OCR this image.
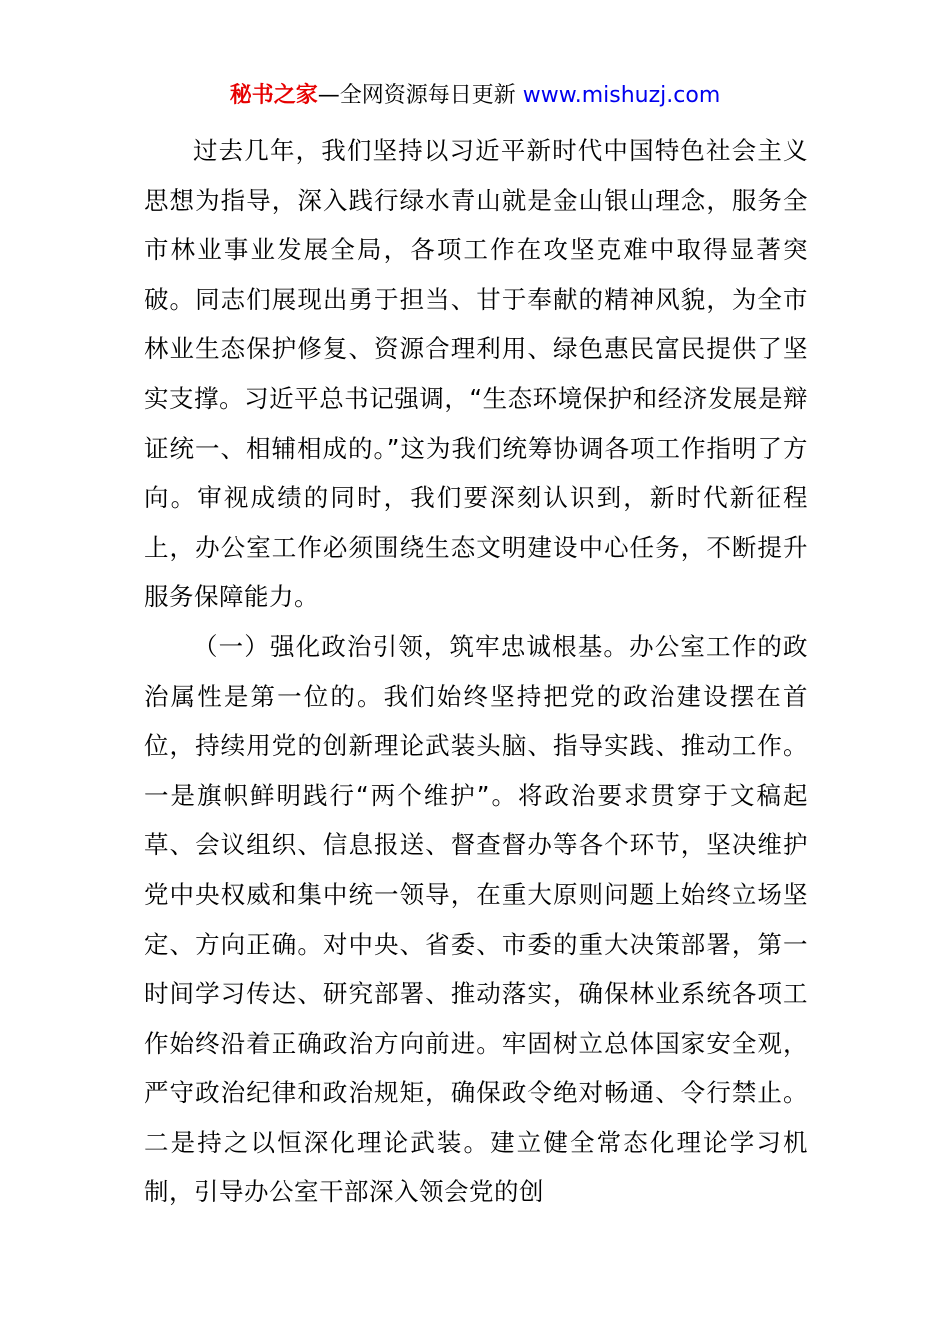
秘书之家—全网资源每日更新 www.mishuzj.com

过去几年，我们坚持以习近平新时代中国特色社会主义思想为指导，深入践行绿水青山就是金山银山理念，服务全市林业事业发展全局，各项工作在攻坚克难中取得显著突破。同志们展现出勇于担当、甘于奉献的精神风貌，为全市林业生态保护修复、资源合理利用、绿色惠民富民提供了坚实支撑。习近平总书记强调，“生态环境保护和经济发展是辩证统一、相辅相成的。”这为我们统筹协调各项工作指明了方向。审视成绩的同时，我们要深刻认识到，新时代新征程上，办公室工作必须围绕生态文明建设中心任务，不断提升服务保障能力。

（一）强化政治引领，筑牢忠诚根基。办公室工作的政治属性是第一位的。我们始终坚持把党的政治建设摆在首位，持续用党的创新理论武装头脑、指导实践、推动工作。一是旗帜鲜明践行“两个维护”。将政治要求贯穿于文稿起草、会议组织、信息报送、督查督办等各个环节，坚决维护党中央权威和集中统一领导，在重大原则问题上始终立场坚定、方向正确。对中央、省委、市委的重大决策部署，第一时间学习传达、研究部署、推动落实，确保林业系统各项工作始终沿着正确政治方向前进。牢固树立总体国家安全观，严守政治纪律和政治规矩，确保政令绝对畅通、令行禁止。二是持之以恒深化理论武装。建立健全常态化理论学习机制，引导办公室干部深入领会党的创
